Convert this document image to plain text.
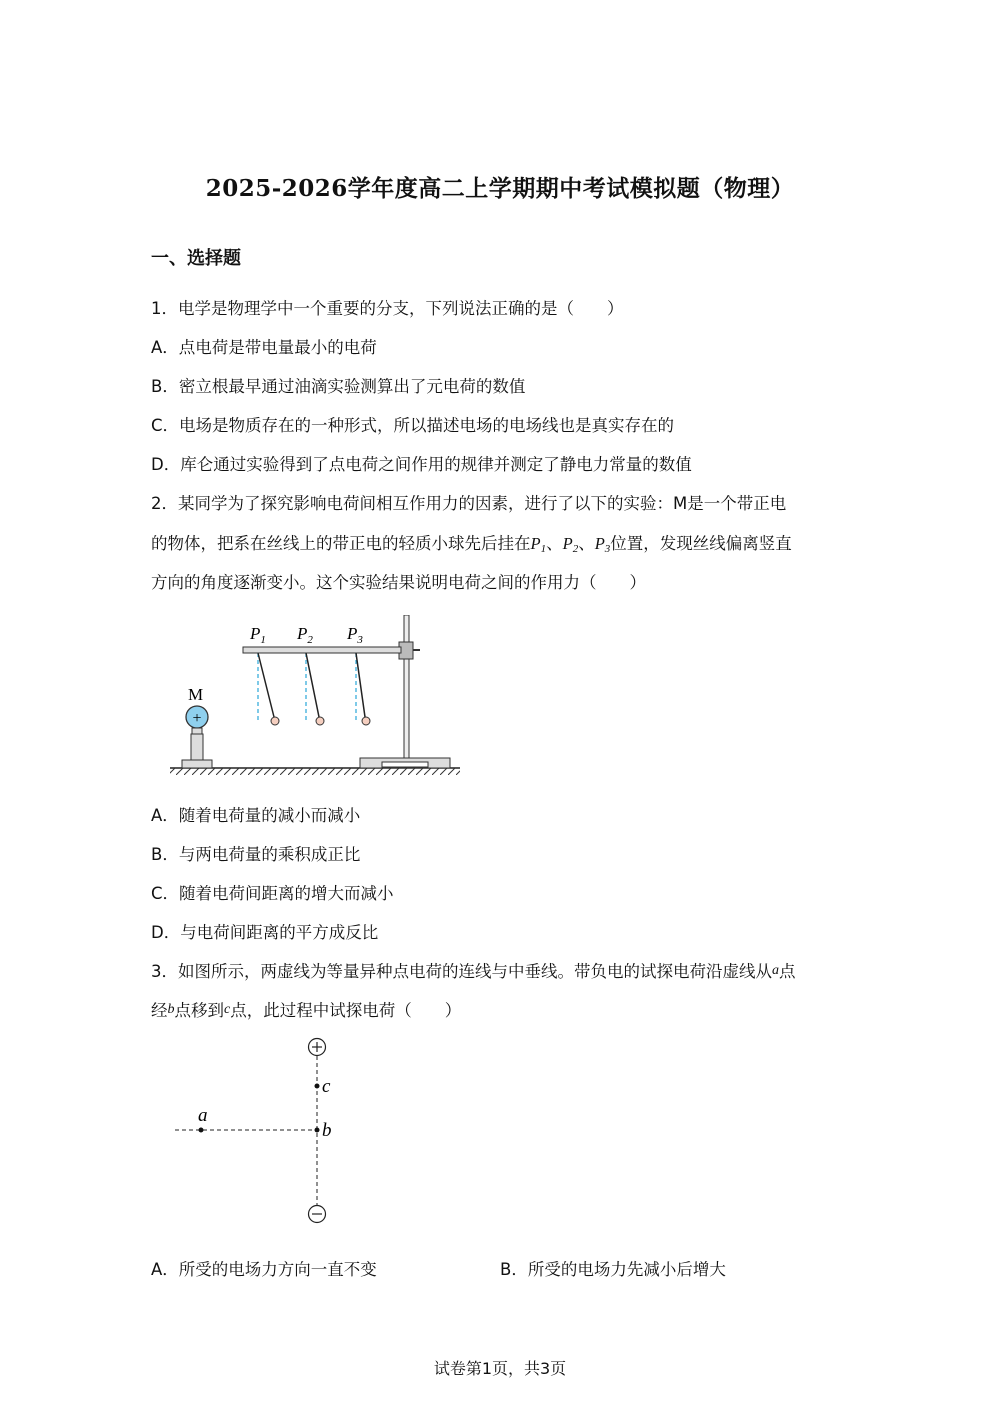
2025-2026学年度高二上学期期中考试模拟题（物理）
一、选择题
1．电学是物理学中一个重要的分支，下列说法正确的是（　　）
A．点电荷是带电量最小的电荷
B．密立根最早通过油滴实验测算出了元电荷的数值
C．电场是物质存在的一种形式，所以描述电场的电场线也是真实存在的
D．库仑通过实验得到了点电荷之间作用的规律并测定了静电力常量的数值
2．某同学为了探究影响电荷间相互作用力的因素，进行了以下的实验：M是一个带正电
的物体，把系在丝线上的带正电的轻质小球先后挂在$P_1$、$P_2$、$P_3$位置，发现丝线偏离竖直
方向的角度逐渐变小。这个实验结果说明电荷之间的作用力（　　）
$P_1$ $P_2$ $P_3$
M
+
A．随着电荷量的减小而减小
B．与两电荷量的乘积成正比
C．随着电荷间距离的增大而减小
D．与电荷间距离的平方成反比
3．如图所示，两虚线为等量异种点电荷的连线与中垂线。带负电的试探电荷沿虚线从a点
经b点移到c点，此过程中试探电荷（　　）
a
b
c
A．所受的电场力方向一直不变	B．所受的电场力先减小后增大
试卷第1页，共3页
